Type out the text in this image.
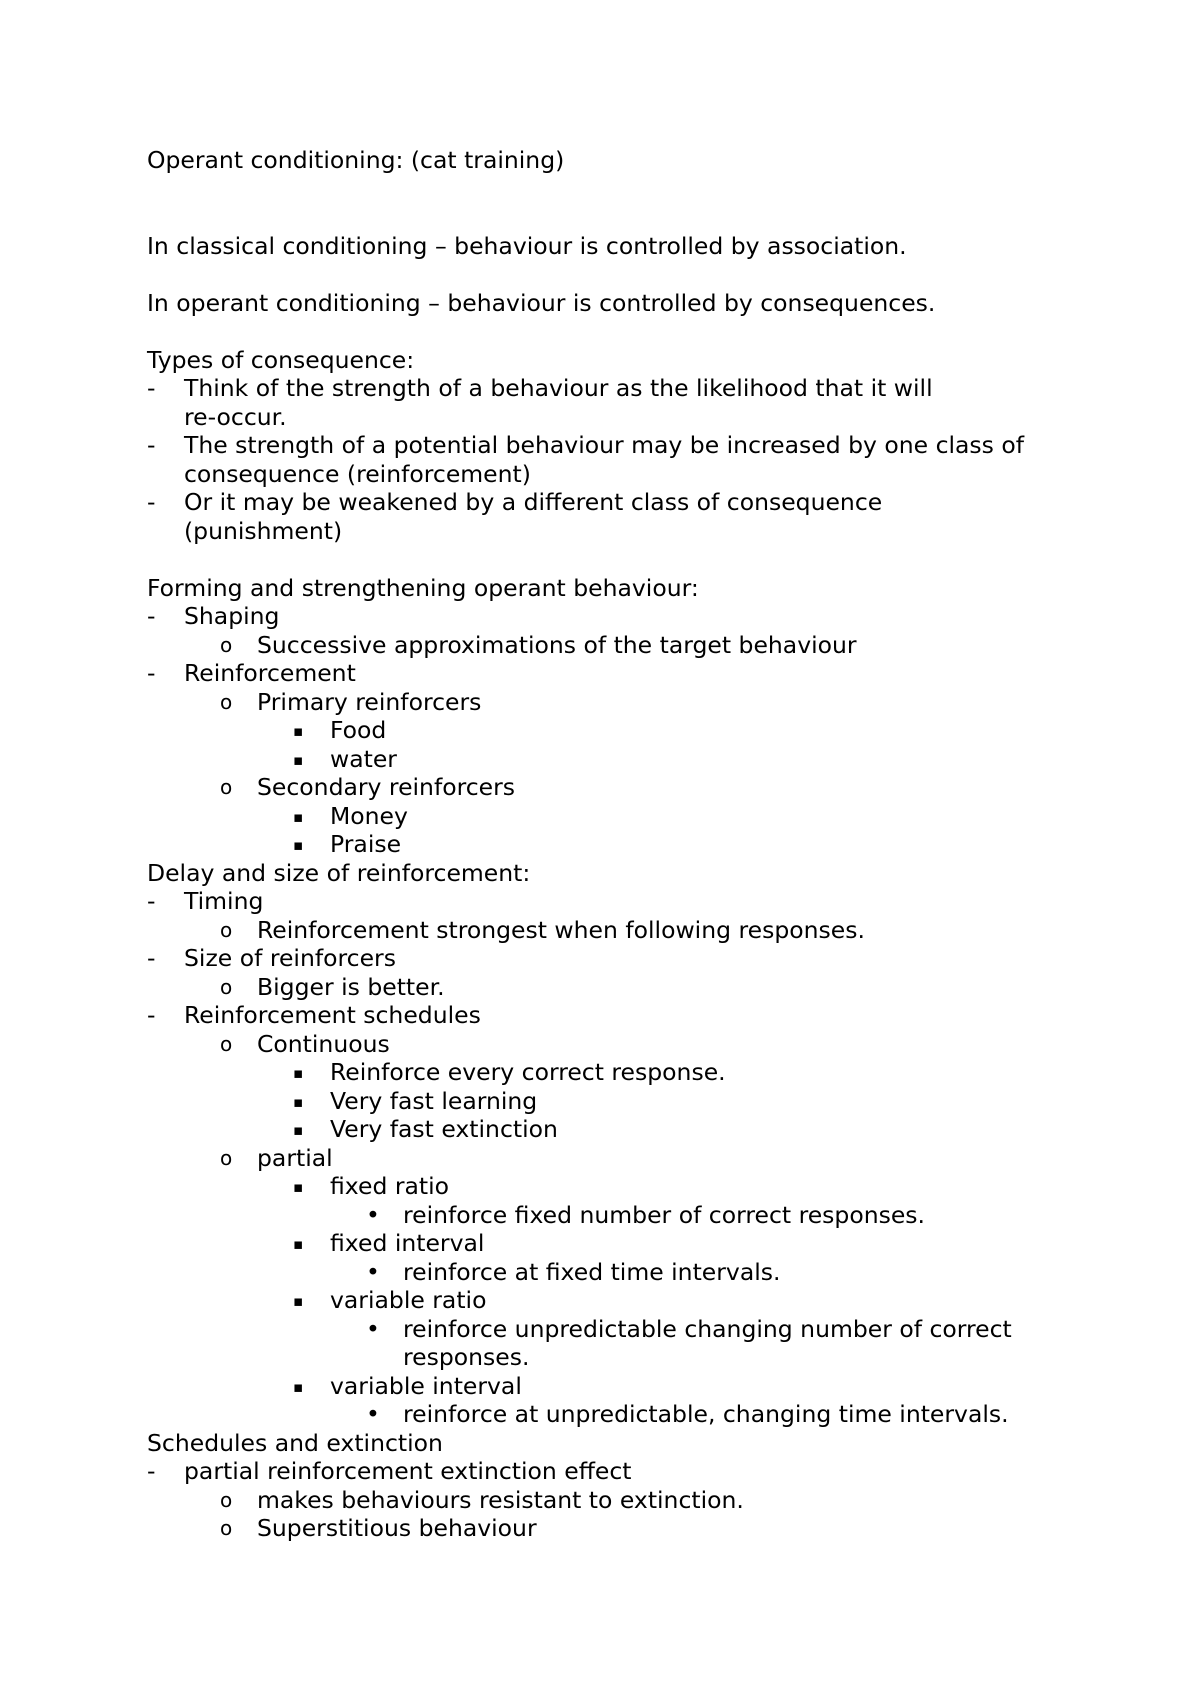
Operant conditioning: (cat training)

In classical conditioning – behaviour is controlled by association.

In operant conditioning – behaviour is controlled by consequences.

Types of consequence:

- Think of the strength of a behaviour as the likelihood that it will re-occur.
- The strength of a potential behaviour may be increased by one class of consequence (reinforcement)
- Or it may be weakened by a different class of consequence (punishment)

Forming and strengthening operant behaviour:

- Shaping
o Successive approximations of the target behaviour
- Reinforcement
o Primary reinforcers
▪ Food
▪ water
o Secondary reinforcers
▪ Money
▪ Praise

Delay and size of reinforcement:

- Timing
o Reinforcement strongest when following responses.
- Size of reinforcers
o Bigger is better.
- Reinforcement schedules
o Continuous
▪ Reinforce every correct response.
▪ Very fast learning
▪ Very fast extinction
o partial
▪ fixed ratio
• reinforce fixed number of correct responses.
▪ fixed interval
• reinforce at fixed time intervals.
▪ variable ratio
• reinforce unpredictable changing number of correct responses.
▪ variable interval
• reinforce at unpredictable, changing time intervals.

Schedules and extinction

- partial reinforcement extinction effect
o makes behaviours resistant to extinction.
o Superstitious behaviour
